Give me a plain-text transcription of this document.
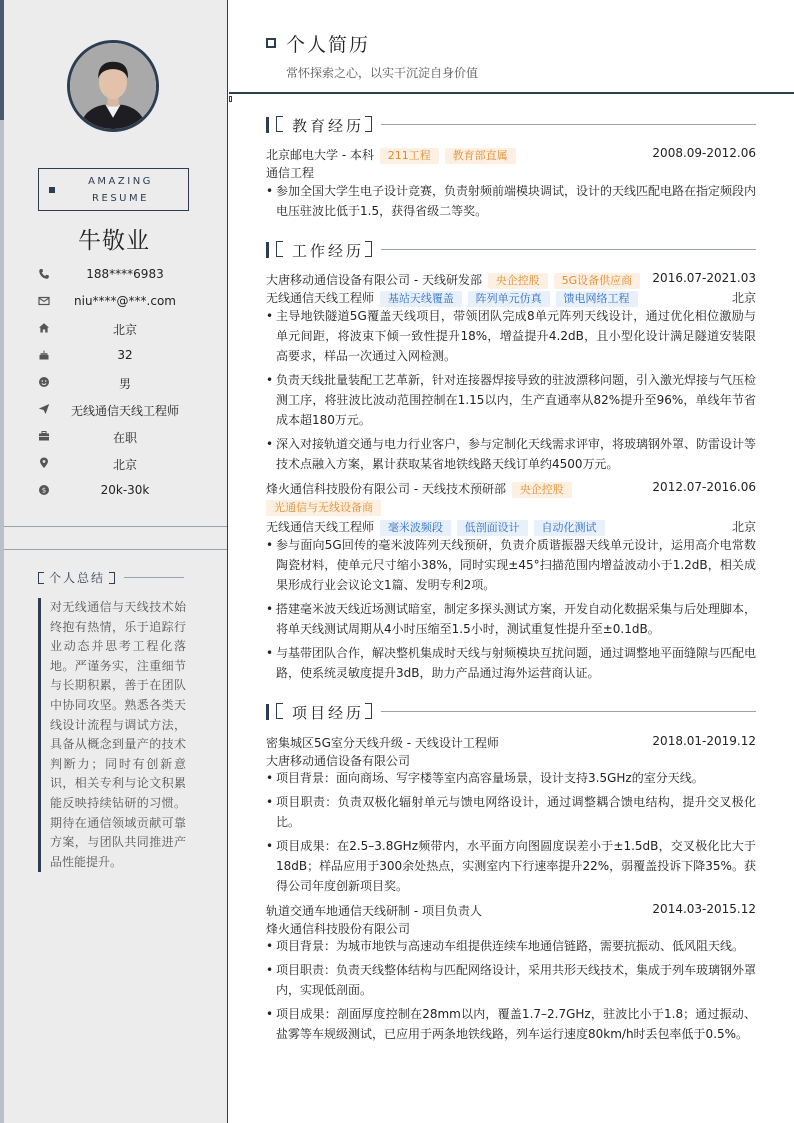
AMAZING
RESUME
牛敬业
188****6983
niu****@***.com
北京
32
男
无线通信天线工程师
在职
北京
$	20k-30k
个人总结
对无线通信与天线技术始终抱有热情，乐于追踪行业动态并思考工程化落地。严谨务实，注重细节与长期积累，善于在团队中协同攻坚。熟悉各类天线设计流程与调试方法，具备从概念到量产的技术判断力；同时有创新意识，相关专利与论文积累能反映持续钻研的习惯。期待在通信领域贡献可靠方案，与团队共同推进产品性能提升。
个人简历
常怀探索之心，以实干沉淀自身价值
教育经历
北京邮电大学 - 本科 211工程 教育部直属	2008.09-2012.06
通信工程
• 参加全国大学生电子设计竞赛，负责射频前端模块调试，设计的天线匹配电路在指定频段内电压驻波比低于1.5，获得省级二等奖。
工作经历
大唐移动通信设备有限公司 - 天线研发部 央企控股 5G设备供应商	2016.07-2021.03
无线通信天线工程师 基站天线覆盖 阵列单元仿真 馈电网络工程	北京
• 主导地铁隧道5G覆盖天线项目，带领团队完成8单元阵列天线设计，通过优化相位激励与单元间距，将波束下倾一致性提升18%，增益提升4.2dB，且小型化设计满足隧道安装限高要求，样品一次通过入网检测。
• 负责天线批量装配工艺革新，针对连接器焊接导致的驻波漂移问题，引入激光焊接与气压检测工序，将驻波比波动范围控制在1.15以内，生产直通率从82%提升至96%，单线年节省成本超180万元。
• 深入对接轨道交通与电力行业客户，参与定制化天线需求评审，将玻璃钢外罩、防雷设计等技术点融入方案，累计获取某省地铁线路天线订单约4500万元。
烽火通信科技股份有限公司 - 天线技术预研部 央企控股	2012.07-2016.06
光通信与无线设备商
无线通信天线工程师 毫米波频段 低剖面设计 自动化测试	北京
• 参与面向5G回传的毫米波阵列天线预研，负责介质谐振器天线单元设计，运用高介电常数陶瓷材料，使单元尺寸缩小38%，同时实现±45°扫描范围内增益波动小于1.2dB，相关成果形成行业会议论文1篇、发明专利2项。
• 搭建毫米波天线近场测试暗室，制定多探头测试方案，开发自动化数据采集与后处理脚本，将单天线测试周期从4小时压缩至1.5小时，测试重复性提升至±0.1dB。
• 与基带团队合作，解决整机集成时天线与射频模块互扰问题，通过调整地平面缝隙与匹配电路，使系统灵敏度提升3dB，助力产品通过海外运营商认证。
项目经历
密集城区5G室分天线升级 - 天线设计工程师	2018.01-2019.12
大唐移动通信设备有限公司
• 项目背景：面向商场、写字楼等室内高容量场景，设计支持3.5GHz的室分天线。
• 项目职责：负责双极化辐射单元与馈电网络设计，通过调整耦合馈电结构，提升交叉极化比。
• 项目成果：在2.5–3.8GHz频带内，水平面方向图圆度误差小于±1.5dB，交叉极化比大于18dB；样品应用于300余处热点，实测室内下行速率提升22%，弱覆盖投诉下降35%。获得公司年度创新项目奖。
轨道交通车地通信天线研制 - 项目负责人	2014.03-2015.12
烽火通信科技股份有限公司
• 项目背景：为城市地铁与高速动车组提供连续车地通信链路，需要抗振动、低风阻天线。
• 项目职责：负责天线整体结构与匹配网络设计，采用共形天线技术，集成于列车玻璃钢外罩内，实现低剖面。
• 项目成果：剖面厚度控制在28mm以内，覆盖1.7–2.7GHz，驻波比小于1.8；通过振动、盐雾等车规级测试，已应用于两条地铁线路，列车运行速度80km/h时丢包率低于0.5%。
